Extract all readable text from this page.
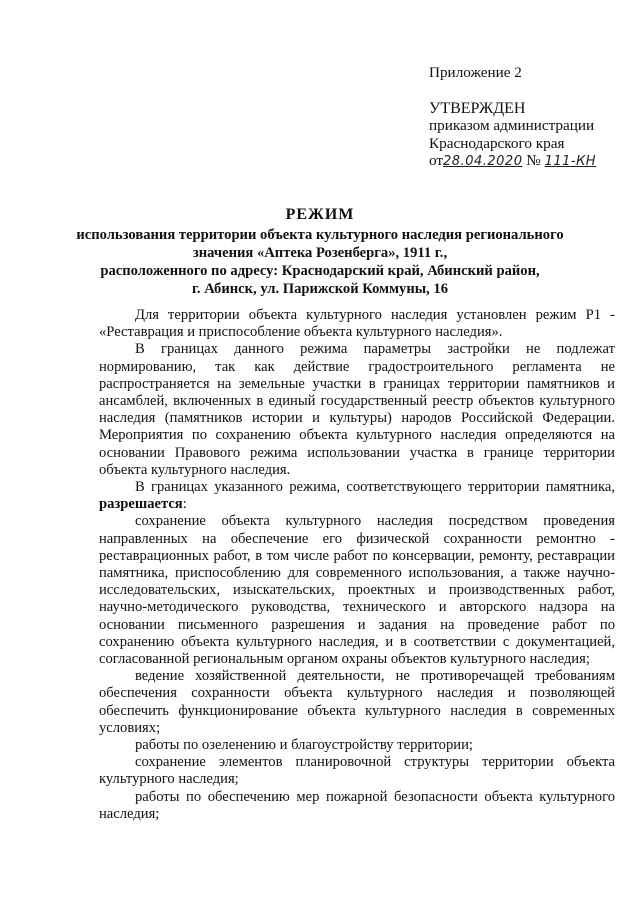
Приложение 2
УТВЕРЖДЕН
приказом администрации
Краснодарского края
от28.04.2020 № 111-КН
РЕЖИМ
использования территории объекта культурного наследия регионального
значения «Аптека Розенберга», 1911 г.,
расположенного по адресу: Краснодарский край, Абинский район,
г. Абинск, ул. Парижской Коммуны, 16

Для территории объекта культурного наследия установлен режим Р1 - «Реставрация и приспособление объекта культурного наследия».

В границах данного режима параметры застройки не подлежат нормированию, так как действие градостроительного регламента не распространяется на земельные участки в границах территории памятников и ансамблей, включенных в единый государственный реестр объектов культурного наследия (памятников истории и культуры) народов Российской Федерации. Мероприятия по сохранению объекта культурного наследия определяются на основании Правового режима использовании участка в границе территории объекта культурного наследия.

В границах указанного режима, соответствующего территории памятника, разрешается:

сохранение объекта культурного наследия посредством проведения направленных на обеспечение его физической сохранности ремонтно - реставрационных работ, в том числе работ по консервации, ремонту, реставрации памятника, приспособлению для современного использования, а также научно-исследовательских, изыскательских, проектных и производственных работ, научно-методического руководства, технического и авторского надзора на основании письменного разрешения и задания на проведение работ по сохранению объекта культурного наследия, и в соответствии с документацией, согласованной региональным органом охраны объектов культурного наследия;

ведение хозяйственной деятельности, не противоречащей требованиям обеспечения сохранности объекта культурного наследия и позволяющей обеспечить функционирование объекта культурного наследия в современных условиях;

работы по озеленению и благоустройству территории;

сохранение элементов планировочной структуры территории объекта культурного наследия;

работы по обеспечению мер пожарной безопасности объекта культурного наследия;
